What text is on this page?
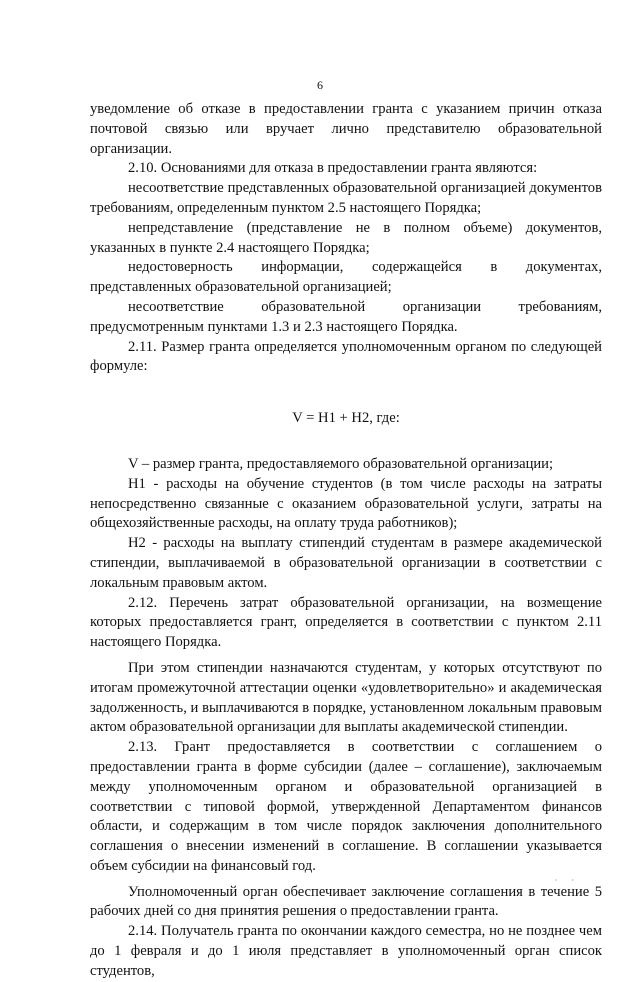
6

уведомление об отказе в предоставлении гранта с указанием причин отказа почтовой связью или вручает лично представителю образовательной организации.

2.10. Основаниями для отказа в предоставлении гранта являются:

несоответствие представленных образовательной организацией документов требованиям, определенным пунктом 2.5 настоящего Порядка;

непредставление (представление не в полном объеме) документов, указанных в пункте 2.4 настоящего Порядка;

недостоверность информации, содержащейся в документах, представленных образовательной организацией;

несоответствие образовательной организации требованиям, предусмотренным пунктами 1.3 и 2.3 настоящего Порядка.

2.11. Размер гранта определяется уполномоченным органом по следующей формуле:

V = H1 + H2, где:

V – размер гранта, предоставляемого образовательной организации;

H1 - расходы на обучение студентов (в том числе расходы на затраты непосредственно связанные с оказанием образовательной услуги, затраты на общехозяйственные расходы, на оплату труда работников);

H2 - расходы на выплату стипендий студентам в размере академической стипендии, выплачиваемой в образовательной организации в соответствии с локальным правовым актом.

2.12. Перечень затрат образовательной организации, на возмещение которых предоставляется грант, определяется в соответствии с пунктом 2.11 настоящего Порядка.

При этом стипендии назначаются студентам, у которых отсутствуют по итогам промежуточной аттестации оценки «удовлетворительно» и академическая задолженность, и выплачиваются в порядке, установленном локальным правовым актом образовательной организации для выплаты академической стипендии.

2.13. Грант предоставляется в соответствии с соглашением о предоставлении гранта в форме субсидии (далее – соглашение), заключаемым между уполномоченным органом и образовательной организацией в соответствии с типовой формой, утвержденной Департаментом финансов области, и содержащим в том числе порядок заключения дополнительного соглашения о внесении изменений в соглашение. В соглашении указывается объем субсидии на финансовый год.

Уполномоченный орган обеспечивает заключение соглашения в течение 5 рабочих дней со дня принятия решения о предоставлении гранта.

2.14. Получатель гранта по окончании каждого семестра, но не позднее чем до 1 февраля и до 1 июля представляет в уполномоченный орган список студентов,

· ·
